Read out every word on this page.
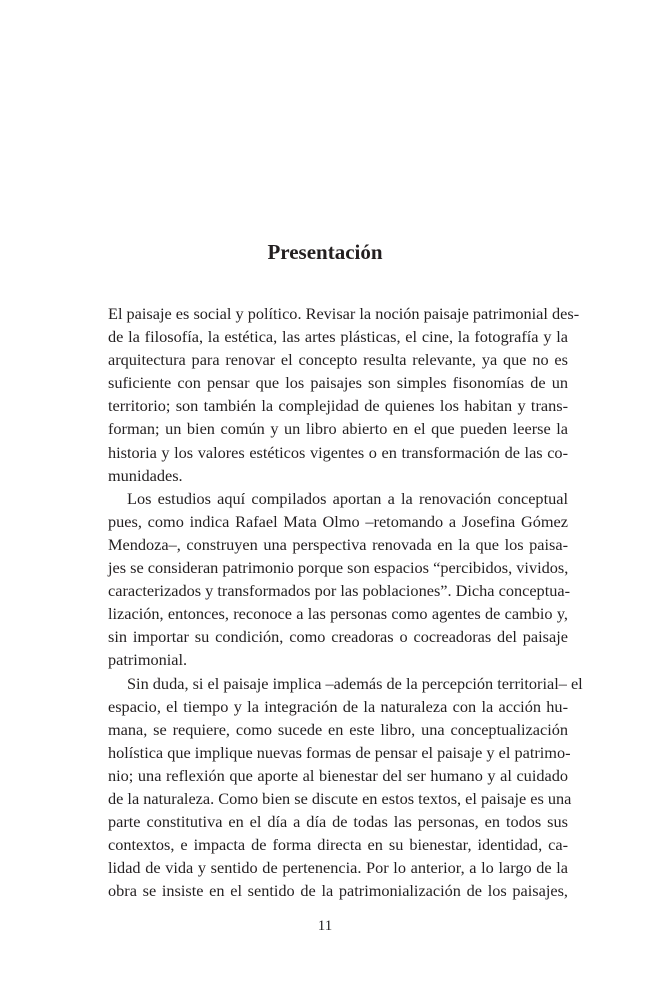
Presentación
El paisaje es social y político. Revisar la noción paisaje patrimonial des-
de la filosofía, la estética, las artes plásticas, el cine, la fotografía y la
arquitectura para renovar el concepto resulta relevante, ya que no es
suficiente con pensar que los paisajes son simples fisonomías de un
territorio; son también la complejidad de quienes los habitan y trans-
forman; un bien común y un libro abierto en el que pueden leerse la
historia y los valores estéticos vigentes o en transformación de las co-
munidades.
Los estudios aquí compilados aportan a la renovación conceptual
pues, como indica Rafael Mata Olmo –retomando a Josefina Gómez
Mendoza–, construyen una perspectiva renovada en la que los paisa-
jes se consideran patrimonio porque son espacios “percibidos, vividos,
caracterizados y transformados por las poblaciones”. Dicha conceptua-
lización, entonces, reconoce a las personas como agentes de cambio y,
sin importar su condición, como creadoras o cocreadoras del paisaje
patrimonial.
Sin duda, si el paisaje implica –además de la percepción territorial– el
espacio, el tiempo y la integración de la naturaleza con la acción hu-
mana, se requiere, como sucede en este libro, una conceptualización
holística que implique nuevas formas de pensar el paisaje y el patrimo-
nio; una reflexión que aporte al bienestar del ser humano y al cuidado
de la naturaleza. Como bien se discute en estos textos, el paisaje es una
parte constitutiva en el día a día de todas las personas, en todos sus
contextos, e impacta de forma directa en su bienestar, identidad, ca-
lidad de vida y sentido de pertenencia. Por lo anterior, a lo largo de la
obra se insiste en el sentido de la patrimonialización de los paisajes,
11
